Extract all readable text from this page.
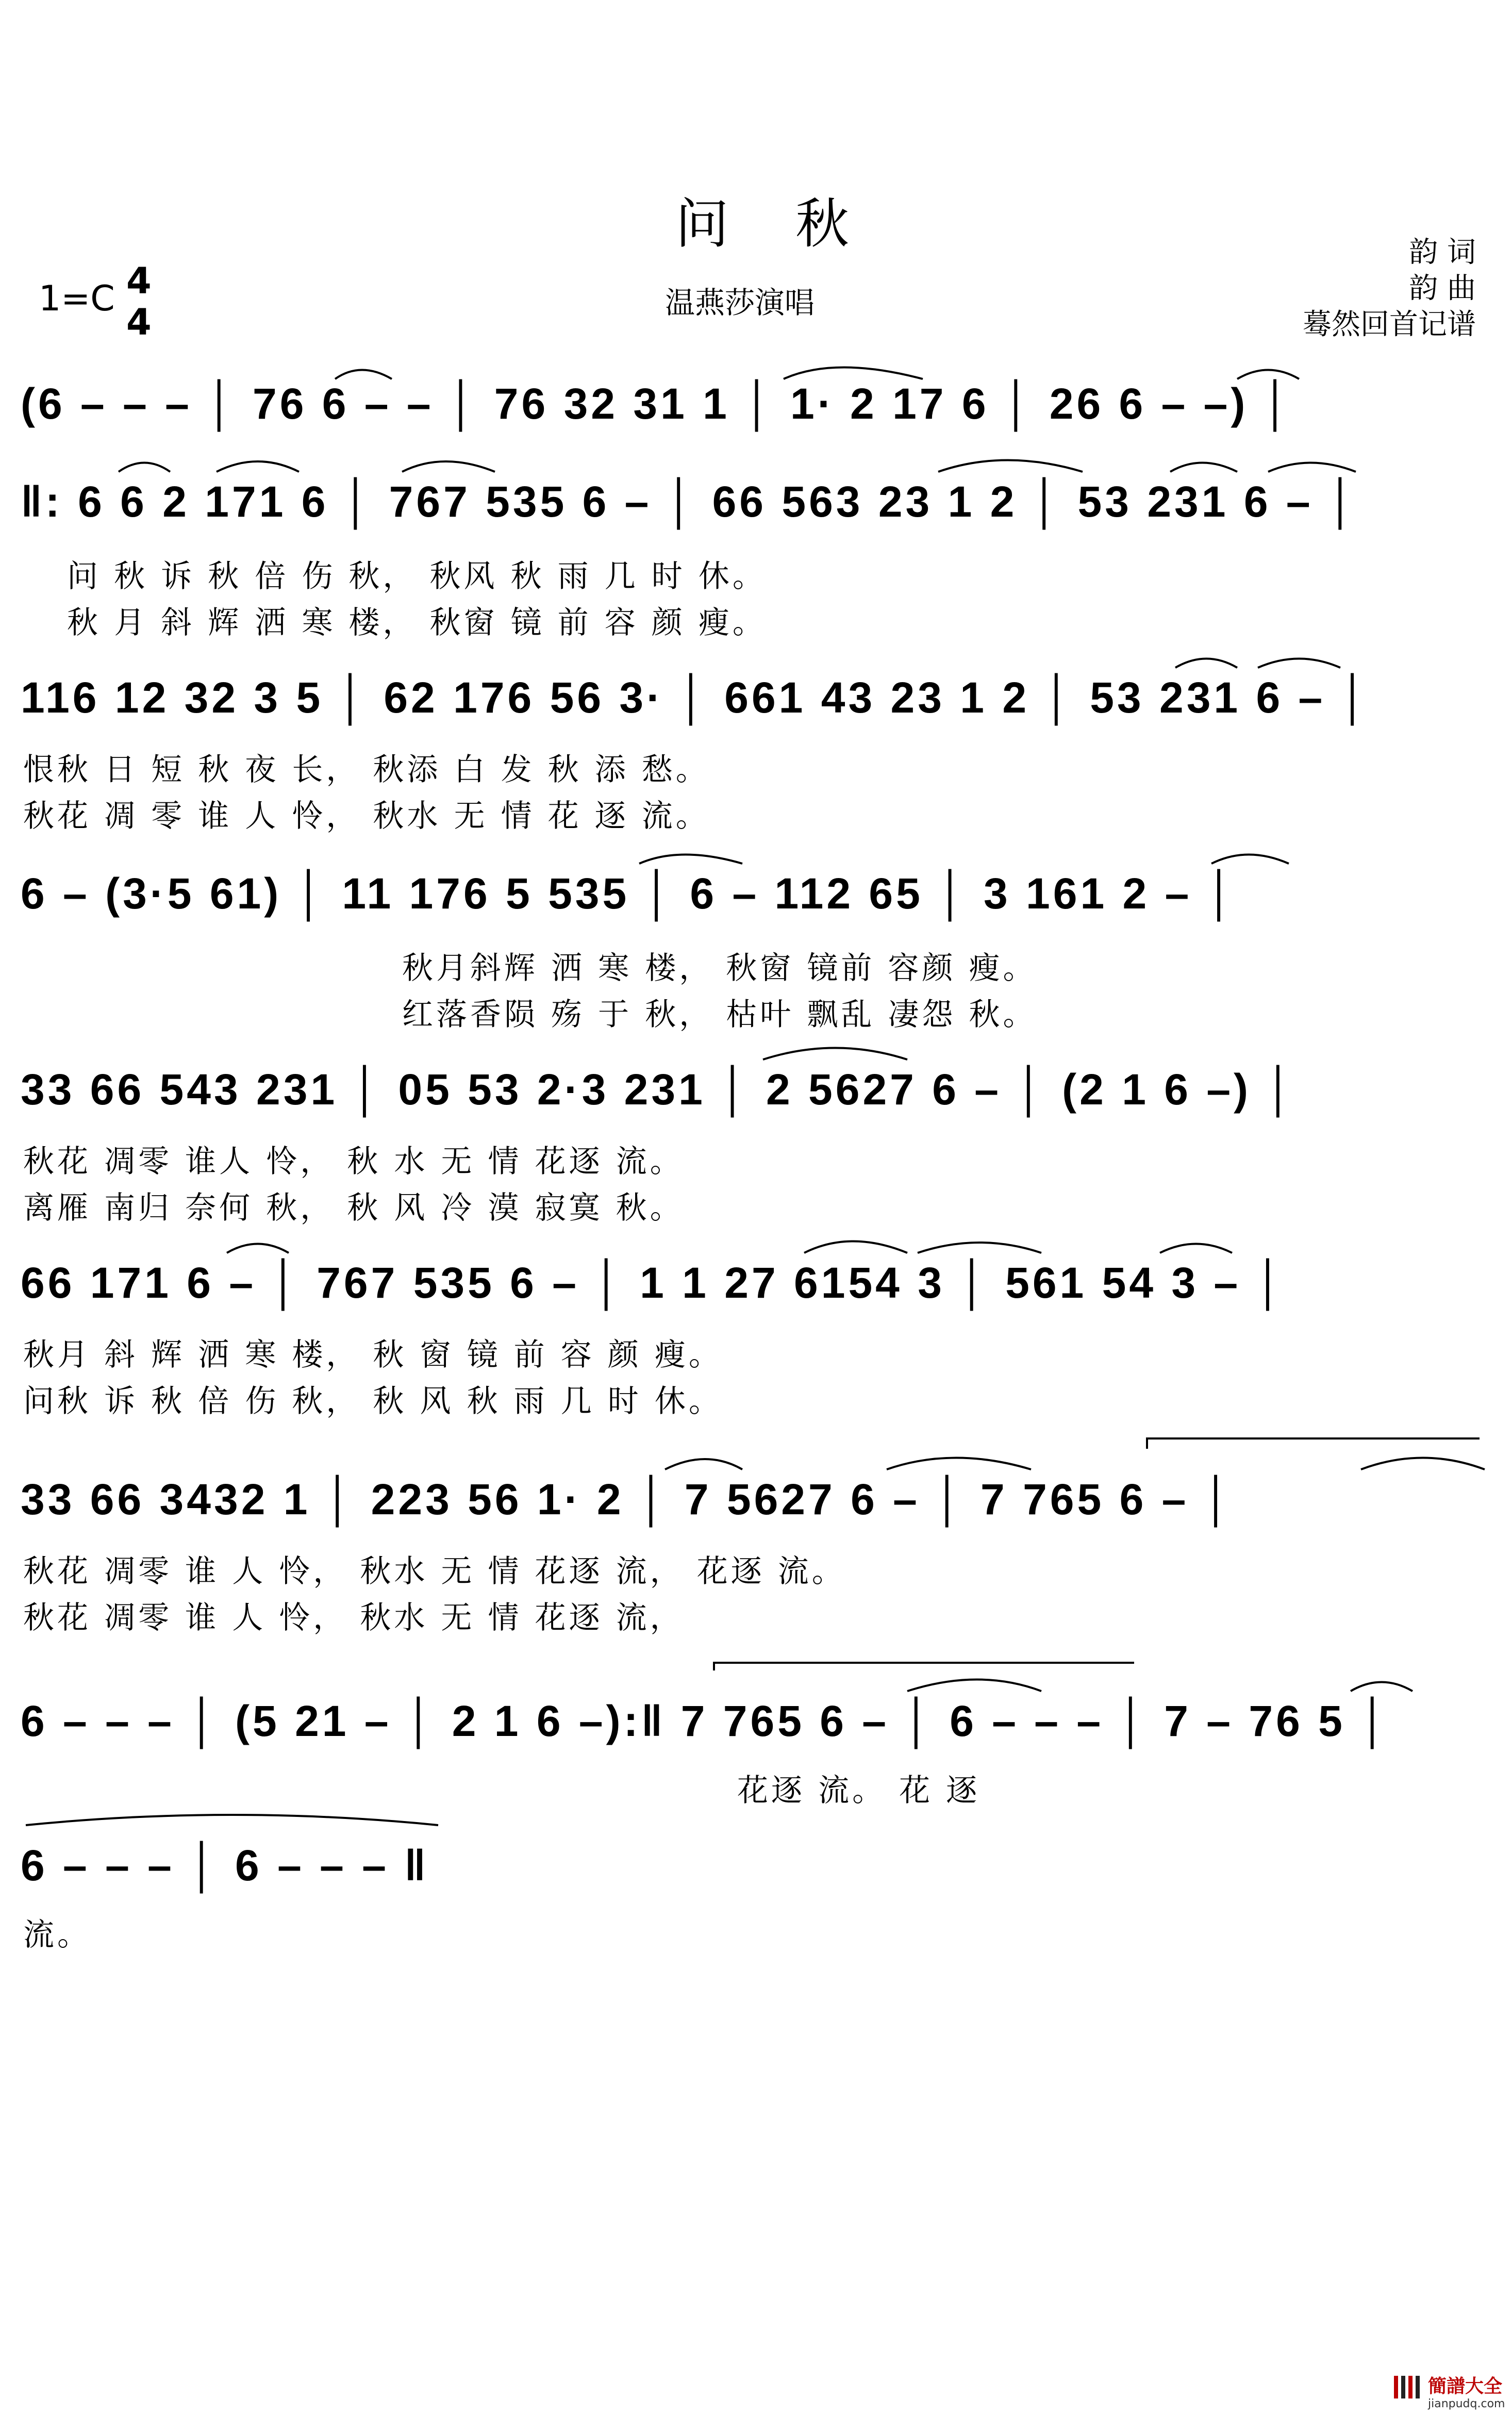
问 秋
温燕莎演唱
1=C 4
4
韵 词
韵 曲
蓦然回首记谱
(6 – – – │ 76 6 – – │ 76 32 31 1 │ 1· 2 17 6 │ 26 6 – –) │
‖: 6 6 2 171 6 │ 767 535 6 – │ 66 563 23 1 2 │ 53 231 6 – │
问 秋 诉 秋 倍 伤 秋， 秋风 秋 雨 几 时 休。
秋 月 斜 辉 洒 寒 楼， 秋窗 镜 前 容 颜 瘦。
116 12 32 3 5 │ 62 176 56 3· │ 661 43 23 1 2 │ 53 231 6 – │
恨秋 日 短 秋 夜 长， 秋添 白 发 秋 添 愁。
秋花 凋 零 谁 人 怜， 秋水 无 情 花 逐 流。
6 – (3·5 61) │ 11 176 5 535 │ 6 – 112 65 │ 3 161 2 – │
秋月斜辉 洒 寒 楼， 秋窗 镜前 容颜 瘦。
红落香陨 殇 于 秋， 枯叶 飘乱 凄怨 秋。
33 66 543 231 │ 05 53 2·3 231 │ 2 5627 6 – │ (2 1 6 –) │
秋花 凋零 谁人 怜， 秋 水 无 情 花逐 流。
离雁 南归 奈何 秋， 秋 风 冷 漠 寂寞 秋。
66 171 6 – │ 767 535 6 – │ 1 1 27 6154 3 │ 561 54 3 – │
秋月 斜 辉 洒 寒 楼， 秋 窗 镜 前 容 颜 瘦。
问秋 诉 秋 倍 伤 秋， 秋 风 秋 雨 几 时 休。
33 66 3432 1 │ 223 56 1· 2 │ 7 5627 6 – │ 7 765 6 – │
秋花 凋零 谁 人 怜， 秋水 无 情 花逐 流， 花逐 流。
秋花 凋零 谁 人 怜， 秋水 无 情 花逐 流，
6 – – – │ (5 21 – │ 2 1 6 –):‖ 7 765 6 – │ 6 – – – │ 7 – 76 5 │
花逐 流。 花 逐
6 – – – │ 6 – – – ‖
流。
簡譜大全
jianpudq.com
